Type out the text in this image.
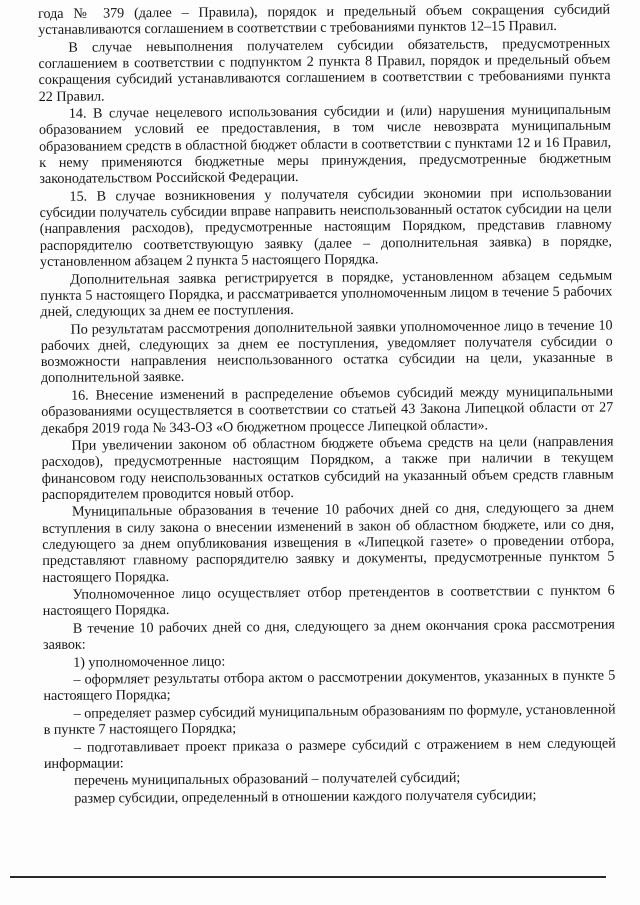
года № 379 (далее – Правила), порядок и предельный объем сокращения субсидий устанавливаются соглашением в соответствии с требованиями пунктов 12–15 Правил.

В случае невыполнения получателем субсидии обязательств, предусмотренных соглашением в соответствии с подпунктом 2 пункта 8 Правил, порядок и предельный объем сокращения субсидий устанавливаются соглашением в соответствии с требованиями пункта 22 Правил.

14. В случае нецелевого использования субсидии и (или) нарушения муниципальным образованием условий ее предоставления, в том числе невозврата муниципальным образованием средств в областной бюджет области в соответствии с пунктами 12 и 16 Правил, к нему применяются бюджетные меры принуждения, предусмотренные бюджетным законодательством Российской Федерации.

15. В случае возникновения у получателя субсидии экономии при использовании субсидии получатель субсидии вправе направить неиспользованный остаток субсидии на цели (направления расходов), предусмотренные настоящим Порядком, представив главному распорядителю соответствующую заявку (далее – дополнительная заявка) в порядке, установленном абзацем 2 пункта 5 настоящего Порядка.

Дополнительная заявка регистрируется в порядке, установленном абзацем седьмым пункта 5 настоящего Порядка, и рассматривается уполномоченным лицом в течение 5 рабочих дней, следующих за днем ее поступления.

По результатам рассмотрения дополнительной заявки уполномоченное лицо в течение 10 рабочих дней, следующих за днем ее поступления, уведомляет получателя субсидии о возможности направления неиспользованного остатка субсидии на цели, указанные в дополнительной заявке.

16. Внесение изменений в распределение объемов субсидий между муниципальными образованиями осуществляется в соответствии со статьей 43 Закона Липецкой области от 27 декабря 2019 года № 343-ОЗ «О бюджетном процессе Липецкой области».

При увеличении законом об областном бюджете объема средств на цели (направления расходов), предусмотренные настоящим Порядком, а также при наличии в текущем финансовом году неиспользованных остатков субсидий на указанный объем средств главным распорядителем проводится новый отбор.

Муниципальные образования в течение 10 рабочих дней со дня, следующего за днем вступления в силу закона о внесении изменений в закон об областном бюджете, или со дня, следующего за днем опубликования извещения в «Липецкой газете» о проведении отбора, представляют главному распорядителю заявку и документы, предусмотренные пунктом 5 настоящего Порядка.

Уполномоченное лицо осуществляет отбор претендентов в соответствии с пунктом 6 настоящего Порядка.

В течение 10 рабочих дней со дня, следующего за днем окончания срока рассмотрения заявок:

1) уполномоченное лицо:

– оформляет результаты отбора актом о рассмотрении документов, указанных в пункте 5 настоящего Порядка;

– определяет размер субсидий муниципальным образованиям по формуле, установленной в пункте 7 настоящего Порядка;

– подготавливает проект приказа о размере субсидий с отражением в нем следующей информации:

перечень муниципальных образований – получателей субсидий;

размер субсидии, определенный в отношении каждого получателя субсидии;
